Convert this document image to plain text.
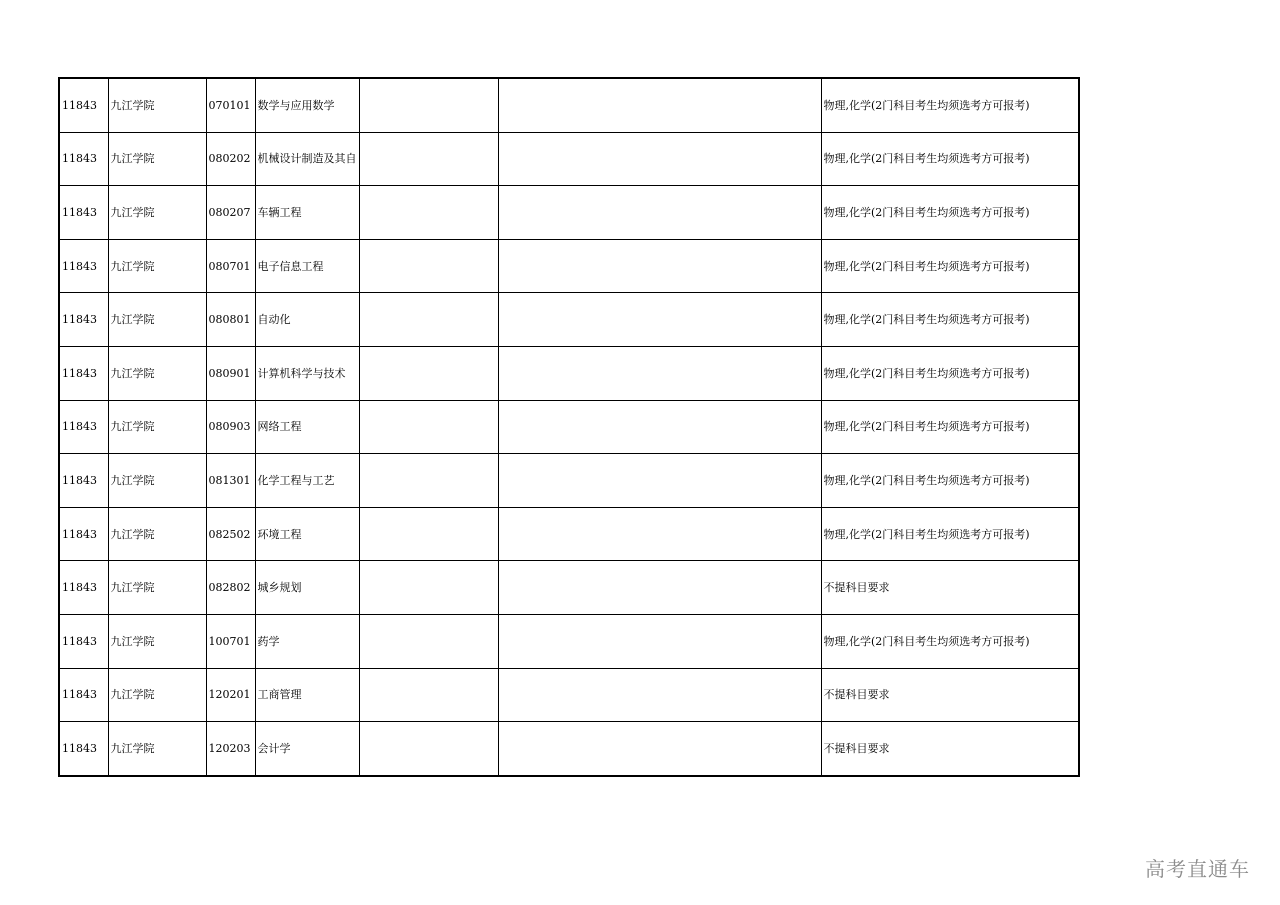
11843	九江学院	070101	数学与应用数学			物理,化学(2门科目考生均须选考方可报考)
11843	九江学院	080202	机械设计制造及其自			物理,化学(2门科目考生均须选考方可报考)
11843	九江学院	080207	车辆工程			物理,化学(2门科目考生均须选考方可报考)
11843	九江学院	080701	电子信息工程			物理,化学(2门科目考生均须选考方可报考)
11843	九江学院	080801	自动化			物理,化学(2门科目考生均须选考方可报考)
11843	九江学院	080901	计算机科学与技术			物理,化学(2门科目考生均须选考方可报考)
11843	九江学院	080903	网络工程			物理,化学(2门科目考生均须选考方可报考)
11843	九江学院	081301	化学工程与工艺			物理,化学(2门科目考生均须选考方可报考)
11843	九江学院	082502	环境工程			物理,化学(2门科目考生均须选考方可报考)
11843	九江学院	082802	城乡规划			不提科目要求
11843	九江学院	100701	药学			物理,化学(2门科目考生均须选考方可报考)
11843	九江学院	120201	工商管理			不提科目要求
11843	九江学院	120203	会计学			不提科目要求
高考直通车
